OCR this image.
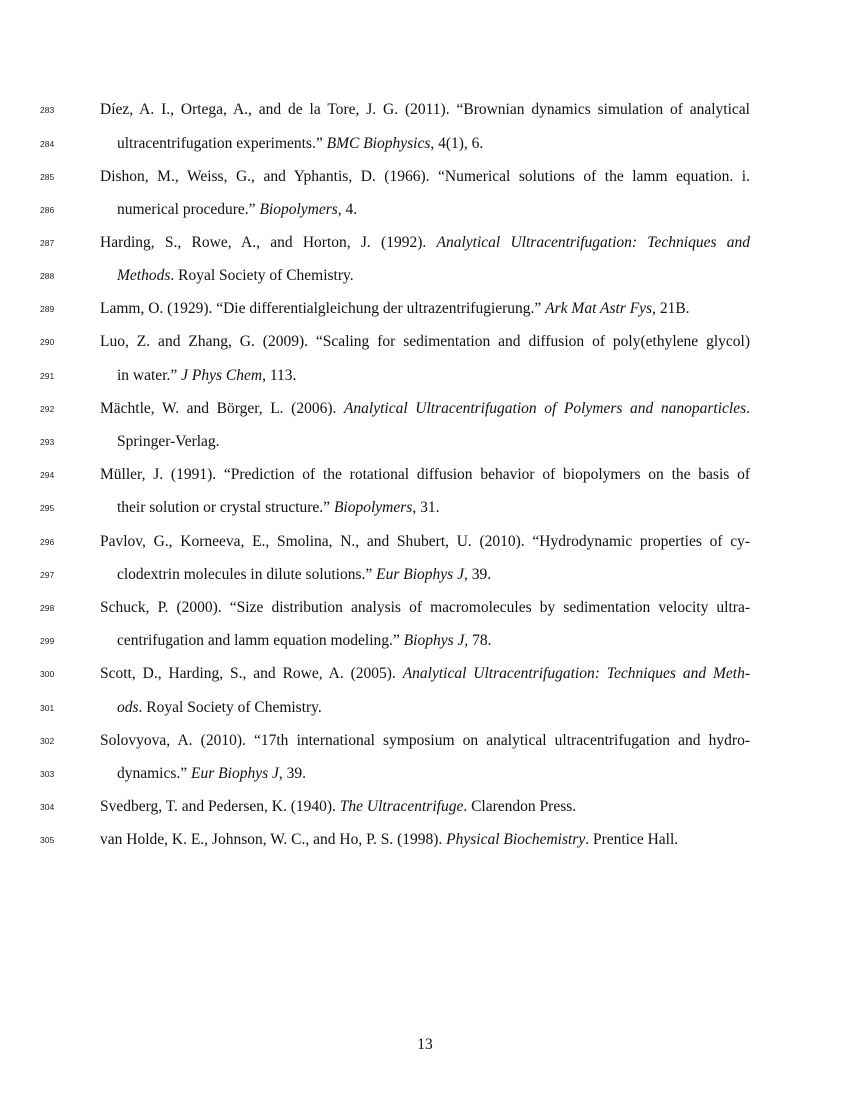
283	Díez, A. I., Ortega, A., and de la Tore, J. G. (2011). “Brownian dynamics simulation of analytical
284	ultracentrifugation experiments.” BMC Biophysics, 4(1), 6.
285	Dishon, M., Weiss, G., and Yphantis, D. (1966). “Numerical solutions of the lamm equation. i.
286	numerical procedure.” Biopolymers, 4.
287	Harding, S., Rowe, A., and Horton, J. (1992). Analytical Ultracentrifugation: Techniques and
288	Methods. Royal Society of Chemistry.
289	Lamm, O. (1929). “Die differentialgleichung der ultrazentrifugierung.” Ark Mat Astr Fys, 21B.
290	Luo, Z. and Zhang, G. (2009). “Scaling for sedimentation and diffusion of poly(ethylene glycol)
291	in water.” J Phys Chem, 113.
292	Mächtle, W. and Börger, L. (2006). Analytical Ultracentrifugation of Polymers and nanoparticles.
293	Springer-Verlag.
294	Müller, J. (1991). “Prediction of the rotational diffusion behavior of biopolymers on the basis of
295	their solution or crystal structure.” Biopolymers, 31.
296	Pavlov, G., Korneeva, E., Smolina, N., and Shubert, U. (2010). “Hydrodynamic properties of cy-
297	clodextrin molecules in dilute solutions.” Eur Biophys J, 39.
298	Schuck, P. (2000). “Size distribution analysis of macromolecules by sedimentation velocity ultra-
299	centrifugation and lamm equation modeling.” Biophys J, 78.
300	Scott, D., Harding, S., and Rowe, A. (2005). Analytical Ultracentrifugation: Techniques and Meth-
301	ods. Royal Society of Chemistry.
302	Solovyova, A. (2010). “17th international symposium on analytical ultracentrifugation and hydro-
303	dynamics.” Eur Biophys J, 39.
304	Svedberg, T. and Pedersen, K. (1940). The Ultracentrifuge. Clarendon Press.
305	van Holde, K. E., Johnson, W. C., and Ho, P. S. (1998). Physical Biochemistry. Prentice Hall.
13
